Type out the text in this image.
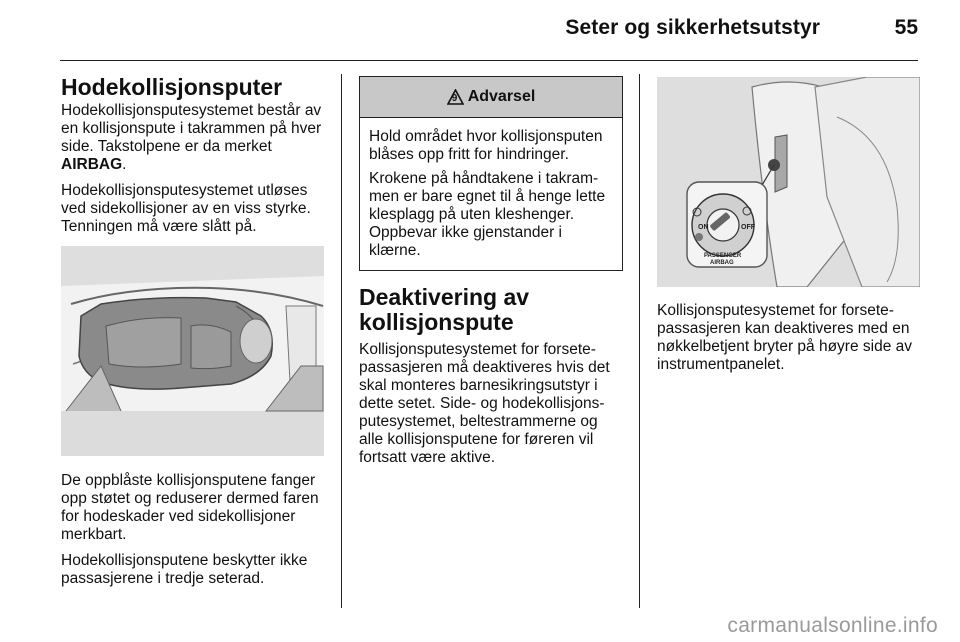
Seter og sikkerhetsutstyr	55
Hodekollisjonsputer

Hodekollisjonsputesystemet består av en kollisjonspute i takrammen på hver side. Takstolpene er da merket AIRBAG.

Hodekollisjonsputesystemet utløses ved sidekollisjoner av en viss styrke. Tenningen må være slått på.

De oppblåste kollisjonsputene fanger opp støtet og reduserer dermed faren for hodeskader ved sidekollisjoner merkbart.

Hodekollisjonsputene beskytter ikke passasjerene i tredje seterad.

9 Advarsel

Hold området hvor kollisjonsputen blåses opp fritt for hindringer.

Krokene på håndtakene i takram-men er bare egnet til å henge lette klesplagg på uten kleshenger. Oppbevar ikke gjenstander i klærne.

Deaktivering av kollisjonspute

Kollisjonsputesystemet for forsete-passasjeren må deaktiveres hvis det skal monteres barnesikringsutstyr i dette setet. Side- og hodekollisjons-putesystemet, beltestrammerne og alle kollisjonsputene for føreren vil fortsatt være aktive.

ON	OFF
PASSENGER
AIRBAG

Kollisjonsputesystemet for forsete-passasjeren kan deaktiveres med en nøkkelbetjent bryter på høyre side av instrumentpanelet.

carmanualsonline.info
